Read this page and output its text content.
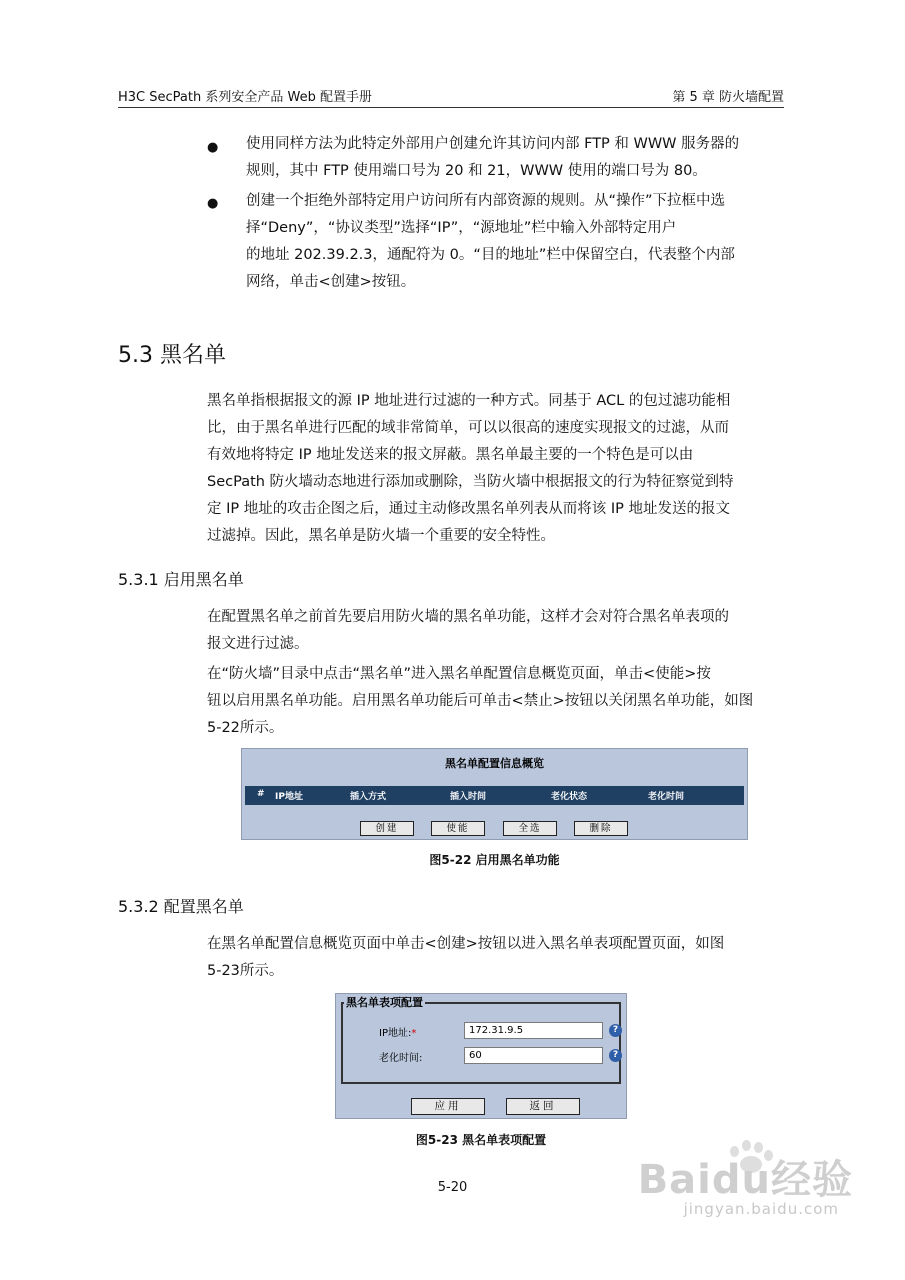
H3C SecPath 系列安全产品 Web 配置手册	第 5 章 防火墙配置
● 使用同样方法为此特定外部用户创建允许其访问内部 FTP 和 WWW 服务器的
规则，其中 FTP 使用端口号为 20 和 21，WWW 使用的端口号为 80。
● 创建一个拒绝外部特定用户访问所有内部资源的规则。从“操作”下拉框中选
择“Deny”，“协议类型”选择“IP”，“源地址”栏中输入外部特定用户
的地址 202.39.2.3，通配符为 0。“目的地址”栏中保留空白，代表整个内部
网络，单击<创建>按钮。
5.3 黑名单
黑名单指根据报文的源 IP 地址进行过滤的一种方式。同基于 ACL 的包过滤功能相
比，由于黑名单进行匹配的域非常简单，可以以很高的速度实现报文的过滤，从而
有效地将特定 IP 地址发送来的报文屏蔽。黑名单最主要的一个特色是可以由
SecPath 防火墙动态地进行添加或删除，当防火墙中根据报文的行为特征察觉到特
定 IP 地址的攻击企图之后，通过主动修改黑名单列表从而将该 IP 地址发送的报文
过滤掉。因此，黑名单是防火墙一个重要的安全特性。
5.3.1 启用黑名单
在配置黑名单之前首先要启用防火墙的黑名单功能，这样才会对符合黑名单表项的
报文进行过滤。
在“防火墙”目录中点击“黑名单”进入黑名单配置信息概览页面，单击<使能>按
钮以启用黑名单功能。启用黑名单功能后可单击<禁止>按钮以关闭黑名单功能，如图
5-22所示。
黑名单配置信息概览
# IP地址	插入方式	插入时间	老化状态	老化时间
创建	使能	全选	删除
图5-22 启用黑名单功能
5.3.2 配置黑名单
在黑名单配置信息概览页面中单击<创建>按钮以进入黑名单表项配置页面，如图
5-23所示。
IP地址:*	172.31.9.5	?
老化时间:	60	?
黑名单表项配置
应用	返回
图5-23 黑名单表项配置
5-20	Baidu经验
jingyan.baidu.com
